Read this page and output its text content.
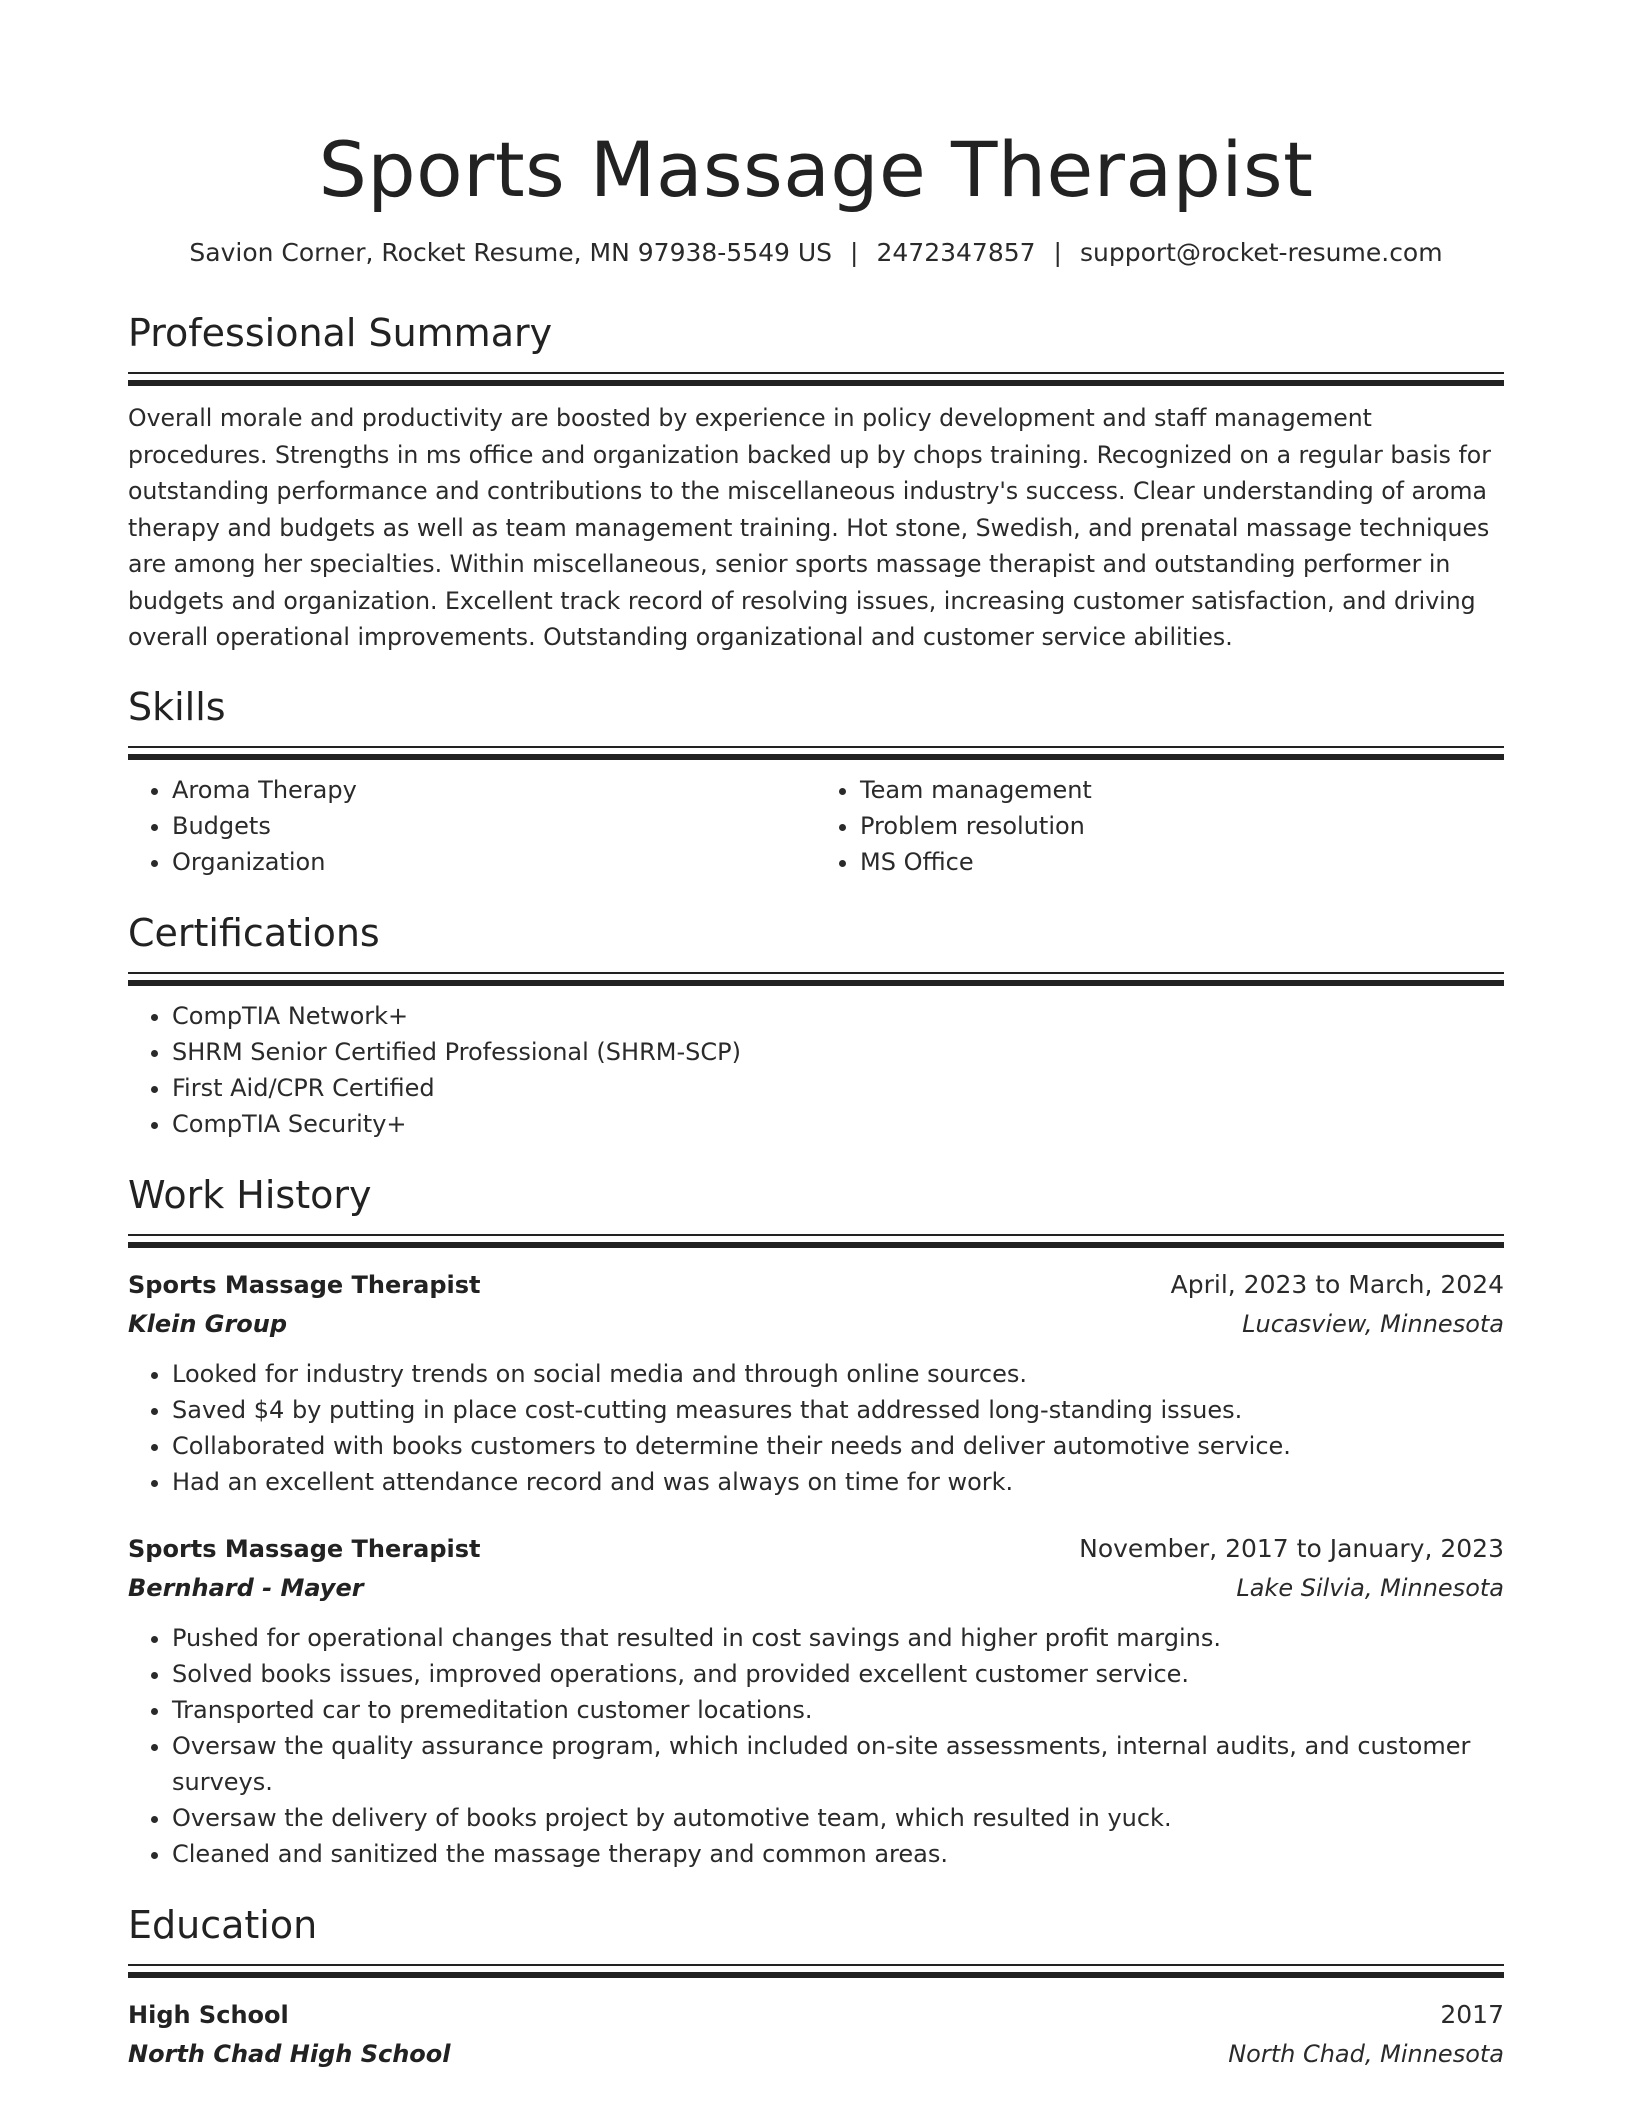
Sports Massage Therapist
Savion Corner, Rocket Resume, MN 97938-5549 US | 2472347857 | support@rocket-resume.com
Professional Summary
Overall morale and productivity are boosted by experience in policy development and staff management procedures. Strengths in ms office and organization backed up by chops training. Recognized on a regular basis for outstanding performance and contributions to the miscellaneous industry's success. Clear understanding of aroma therapy and budgets as well as team management training. Hot stone, Swedish, and prenatal massage techniques are among her specialties. Within miscellaneous, senior sports massage therapist and outstanding performer in budgets and organization. Excellent track record of resolving issues, increasing customer satisfaction, and driving overall operational improvements. Outstanding organizational and customer service abilities.
Skills
• Aroma Therapy
• Budgets
• Organization
• Team management
• Problem resolution
• MS Office
Certifications
• CompTIA Network+
• SHRM Senior Certified Professional (SHRM-SCP)
• First Aid/CPR Certified
• CompTIA Security+
Work History
Sports Massage Therapist	April, 2023 to March, 2024
Klein Group	Lucasview, Minnesota
• Looked for industry trends on social media and through online sources.
• Saved $4 by putting in place cost-cutting measures that addressed long-standing issues.
• Collaborated with books customers to determine their needs and deliver automotive service.
• Had an excellent attendance record and was always on time for work.
Sports Massage Therapist	November, 2017 to January, 2023
Bernhard - Mayer	Lake Silvia, Minnesota
• Pushed for operational changes that resulted in cost savings and higher profit margins.
• Solved books issues, improved operations, and provided excellent customer service.
• Transported car to premeditation customer locations.
• Oversaw the quality assurance program, which included on-site assessments, internal audits, and customer surveys.
• Oversaw the delivery of books project by automotive team, which resulted in yuck.
• Cleaned and sanitized the massage therapy and common areas.
Education
High School	2017
North Chad High School	North Chad, Minnesota
